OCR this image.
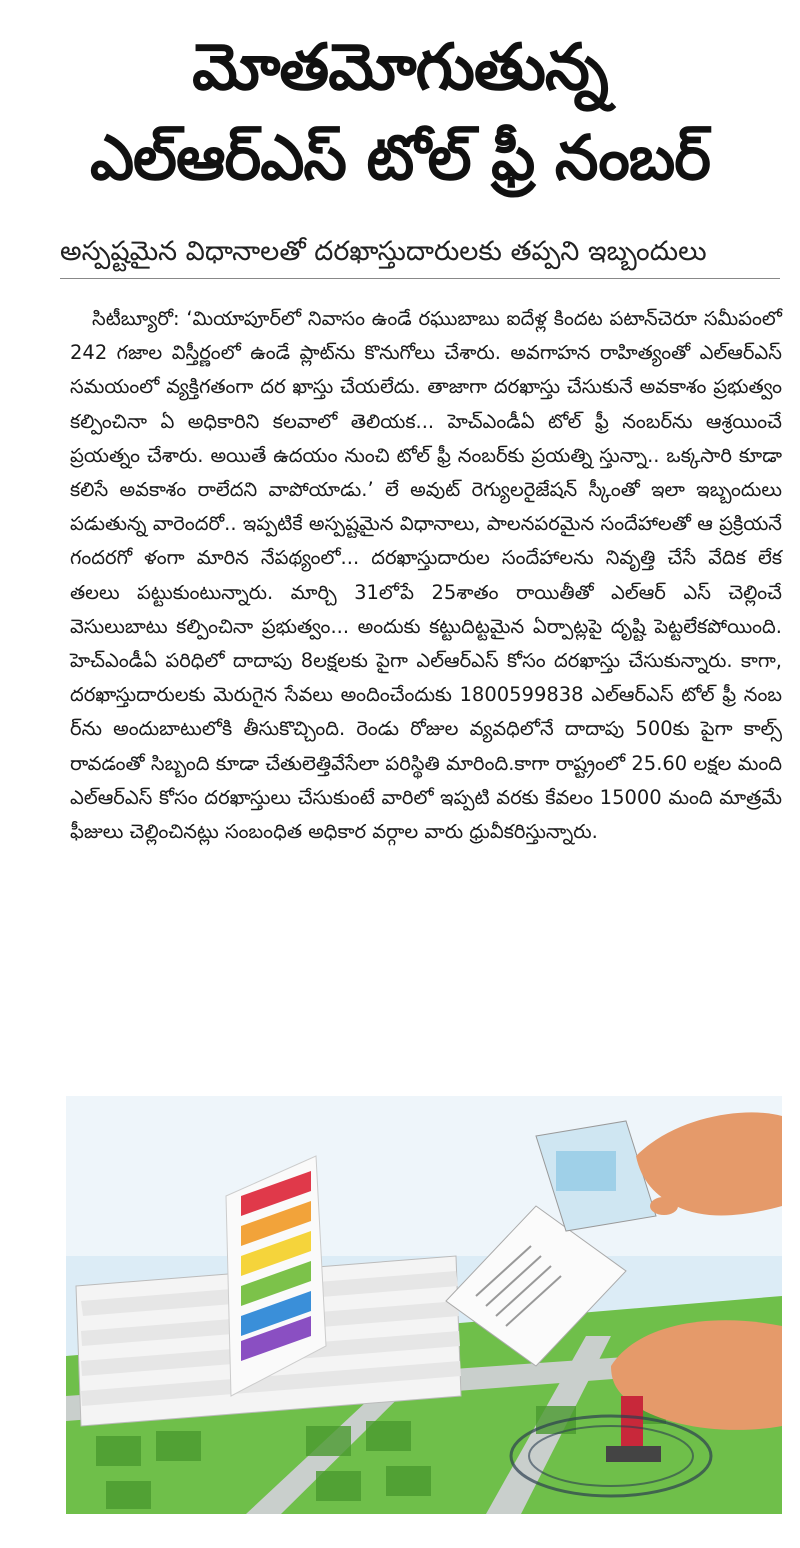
మోతమోగుతున్న
ఎల్‌ఆర్‌ఎస్ టోల్ ఫ్రీ నంబర్
అస్పష్టమైన విధానాలతో దరఖాస్తుదారులకు తప్పని ఇబ్బందులు
సిటీబ్యూరో: ‘మియాపూర్‌లో నివాసం ఉండే రఘుబాబు ఐదేళ్ల కిందట పటాన్‌చెరూ సమీపంలో 242 గజాల విస్తీర్ణంలో ఉండే ప్లాట్‌ను కొనుగోలు చేశారు. అవగాహన రాహిత్యంతో ఎల్‌ఆర్‌ఎస్ సమయంలో వ్యక్తిగతంగా దర ఖాస్తు చేయలేదు. తాజాగా దరఖాస్తు చేసుకునే అవకాశం ప్రభుత్వం కల్పించినా ఏ అధికారిని కలవాలో తెలియక... హెచ్‌ఎండీఏ టోల్ ఫ్రీ నంబర్‌ను ఆశ్రయించే ప్రయత్నం చేశారు. అయితే ఉదయం నుంచి టోల్ ఫ్రీ నంబర్‌కు ప్రయత్ని స్తున్నా.. ఒక్కసారి కూడా కలిసే అవకాశం రాలేదని వాపోయాడు.’ లే అవుట్ రెగ్యులరైజేషన్ స్కీంతో ఇలా ఇబ్బందులు పడుతున్న వారెందరో.. ఇప్పటికే అస్పష్టమైన విధానాలు, పాలనపరమైన సందేహాలతో ఆ ప్రక్రియనే గందరగో ళంగా మారిన నేపథ్యంలో... దరఖాస్తుదారుల సందేహాలను నివృత్తి చేసే వేదిక లేక తలలు పట్టుకుంటున్నారు. మార్చి 31లోపే 25శాతం రాయితీతో ఎల్‌ఆర్ ఎస్ చెల్లించే వెసులుబాటు కల్పించినా ప్రభుత్వం... అందుకు కట్టుదిట్టమైన ఏర్పాట్లపై దృష్టి పెట్టలేకపోయింది. హెచ్‌ఎండీఏ పరిధిలో దాదాపు 8లక్షలకు పైగా ఎల్‌ఆర్‌ఎస్ కోసం దరఖాస్తు చేసుకున్నారు. కాగా, దరఖాస్తుదారులకు మెరుగైన సేవలు అందించేందుకు 1800599838 ఎల్‌ఆర్‌ఎస్ టోల్ ఫ్రీ నంబ ర్‌ను అందుబాటులోకి తీసుకొచ్చింది. రెండు రోజుల వ్యవధిలోనే దాదాపు 500కు పైగా కాల్స్ రావడంతో సిబ్బంది కూడా చేతులెత్తివేసేలా పరిస్థితి మారింది.కాగా రాష్ట్రంలో 25.60 లక్షల మంది ఎల్‌ఆర్‌ఎస్ కోసం దరఖాస్తులు చేసుకుంటే వారిలో ఇప్పటి వరకు కేవలం 15000 మంది మాత్రమే ఫీజులు చెల్లించినట్లు సంబంధిత అధికార వర్గాల వారు ధ్రువీకరిస్తున్నారు.
